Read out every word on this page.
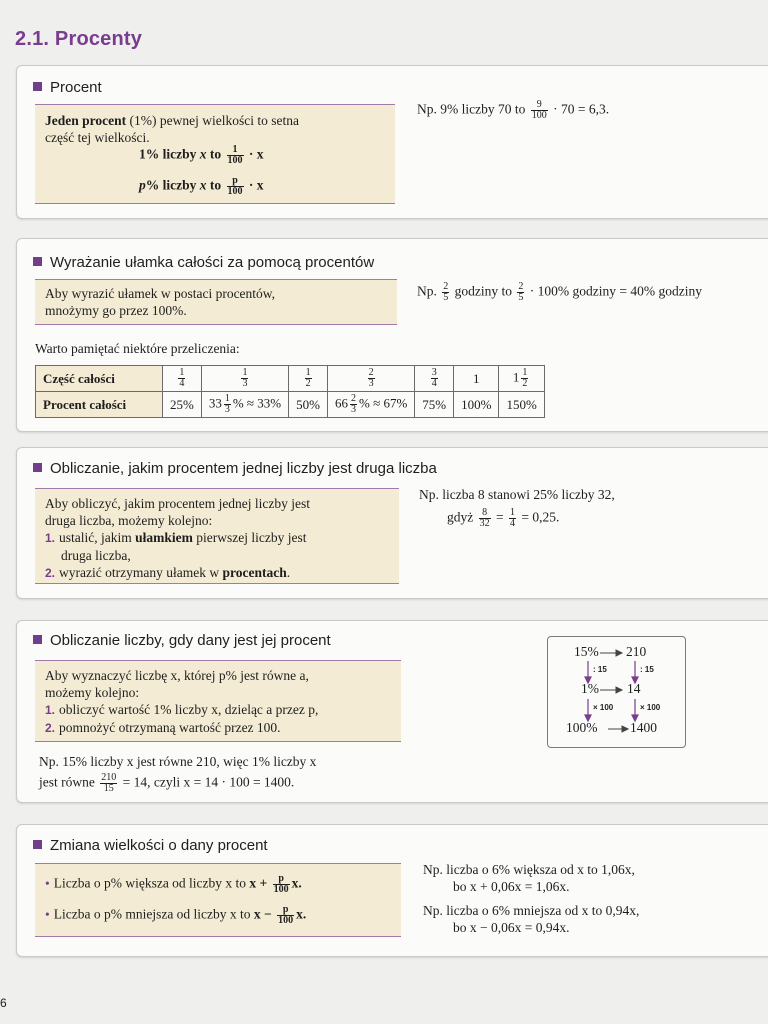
2.1. Procenty
Procent
Jeden procent (1%) pewnej wielkości to setna
część tej wielkości.
1% liczby x to $\frac{1}{100} \cdot x$
p% liczby x to $\frac{p}{100} \cdot x$
Np. 9% liczby 70 to $\frac{9}{100} \cdot 70 = 6,3$.
Wyrażanie ułamka całości za pomocą procentów
Aby wyrazić ułamek w postaci procentów,
mnożymy go przez 100%.
Np. $\frac{2}{5}$ godziny to $\frac{2}{5} \cdot 100\%$ godziny = 40% godziny
Warto pamiętać niektóre przeliczenia:
Część całości	$\frac{1}{4}$	$\frac{1}{3}$	$\frac{1}{2}$	$\frac{2}{3}$	$\frac{3}{4}$	1	$1 \frac{1}{2}$

Procent całości	25%	$33 \frac{1}{3}$ % ≈ 33%	50%	$66 \frac{2}{3}$ % ≈ 67%	75%	100%	150%
Obliczanie, jakim procentem jednej liczby jest druga liczba
Aby obliczyć, jakim procentem jednej liczby jest
druga liczba, możemy kolejno:
1. ustalić, jakim ułamkiem pierwszej liczby jest
druga liczba,
2. wyrazić otrzymany ułamek w procentach.
Np. liczba 8 stanowi 25% liczby 32,
gdyż $\frac{8}{32} = \frac{1}{4} = 0,25$.
Obliczanie liczby, gdy dany jest jej procent
Aby wyznaczyć liczbę x, której p% jest równe a,
możemy kolejno:
1. obliczyć wartość 1% liczby x, dzieląc a przez p,
2. pomnożyć otrzymaną wartość przez 100.
Np. 15% liczby x jest równe 210, więc 1% liczby x
jest równe $\frac{210}{15} = 14$, czyli x = 14 · 100 = 1400.
15% 210
: 15	: 15
1% 14
× 100	× 100
100% 1400
Zmiana wielkości o dany procent
• Liczba o p% większa od liczby x to $x + \frac{p}{100} x$.
• Liczba o p% mniejsza od liczby x to $x - \frac{p}{100} x$.
Np. liczba o 6% większa od x to 1,06x,
bo x + 0,06x = 1,06x.
Np. liczba o 6% mniejsza od x to 0,94x,
bo x − 0,06x = 0,94x.
6
